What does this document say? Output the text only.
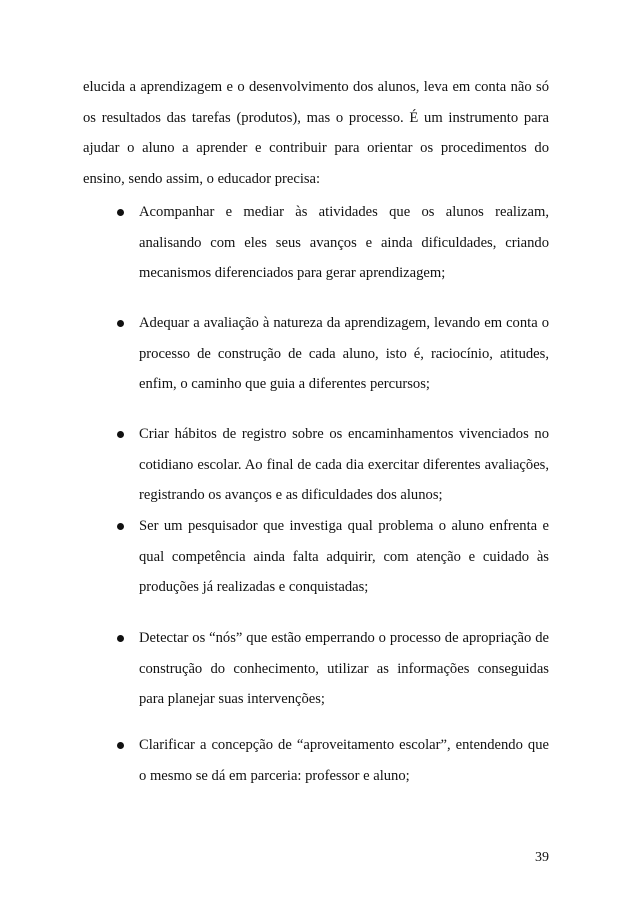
elucida a aprendizagem e o desenvolvimento dos alunos, leva em conta não só os resultados das tarefas (produtos), mas o processo. É um instrumento para ajudar o aluno a aprender e contribuir para orientar os procedimentos do ensino, sendo assim, o educador precisa:

Acompanhar e mediar às atividades que os alunos realizam, analisando com eles seus avanços e ainda dificuldades, criando mecanismos diferenciados para gerar aprendizagem;
Adequar a avaliação à natureza da aprendizagem, levando em conta o processo de construção de cada aluno, isto é, raciocínio, atitudes, enfim, o caminho que guia a diferentes percursos;
Criar hábitos de registro sobre os encaminhamentos vivenciados no cotidiano escolar. Ao final de cada dia exercitar diferentes avaliações, registrando os avanços e as dificuldades dos alunos;
Ser um pesquisador que investiga qual problema o aluno enfrenta e qual competência ainda falta adquirir, com atenção e cuidado às produções já realizadas e conquistadas;
Detectar os “nós” que estão emperrando o processo de apropriação de construção do conhecimento, utilizar as informações conseguidas para planejar suas intervenções;
Clarificar a concepção de “aproveitamento escolar”, entendendo que o mesmo se dá em parceria: professor e aluno;
39
